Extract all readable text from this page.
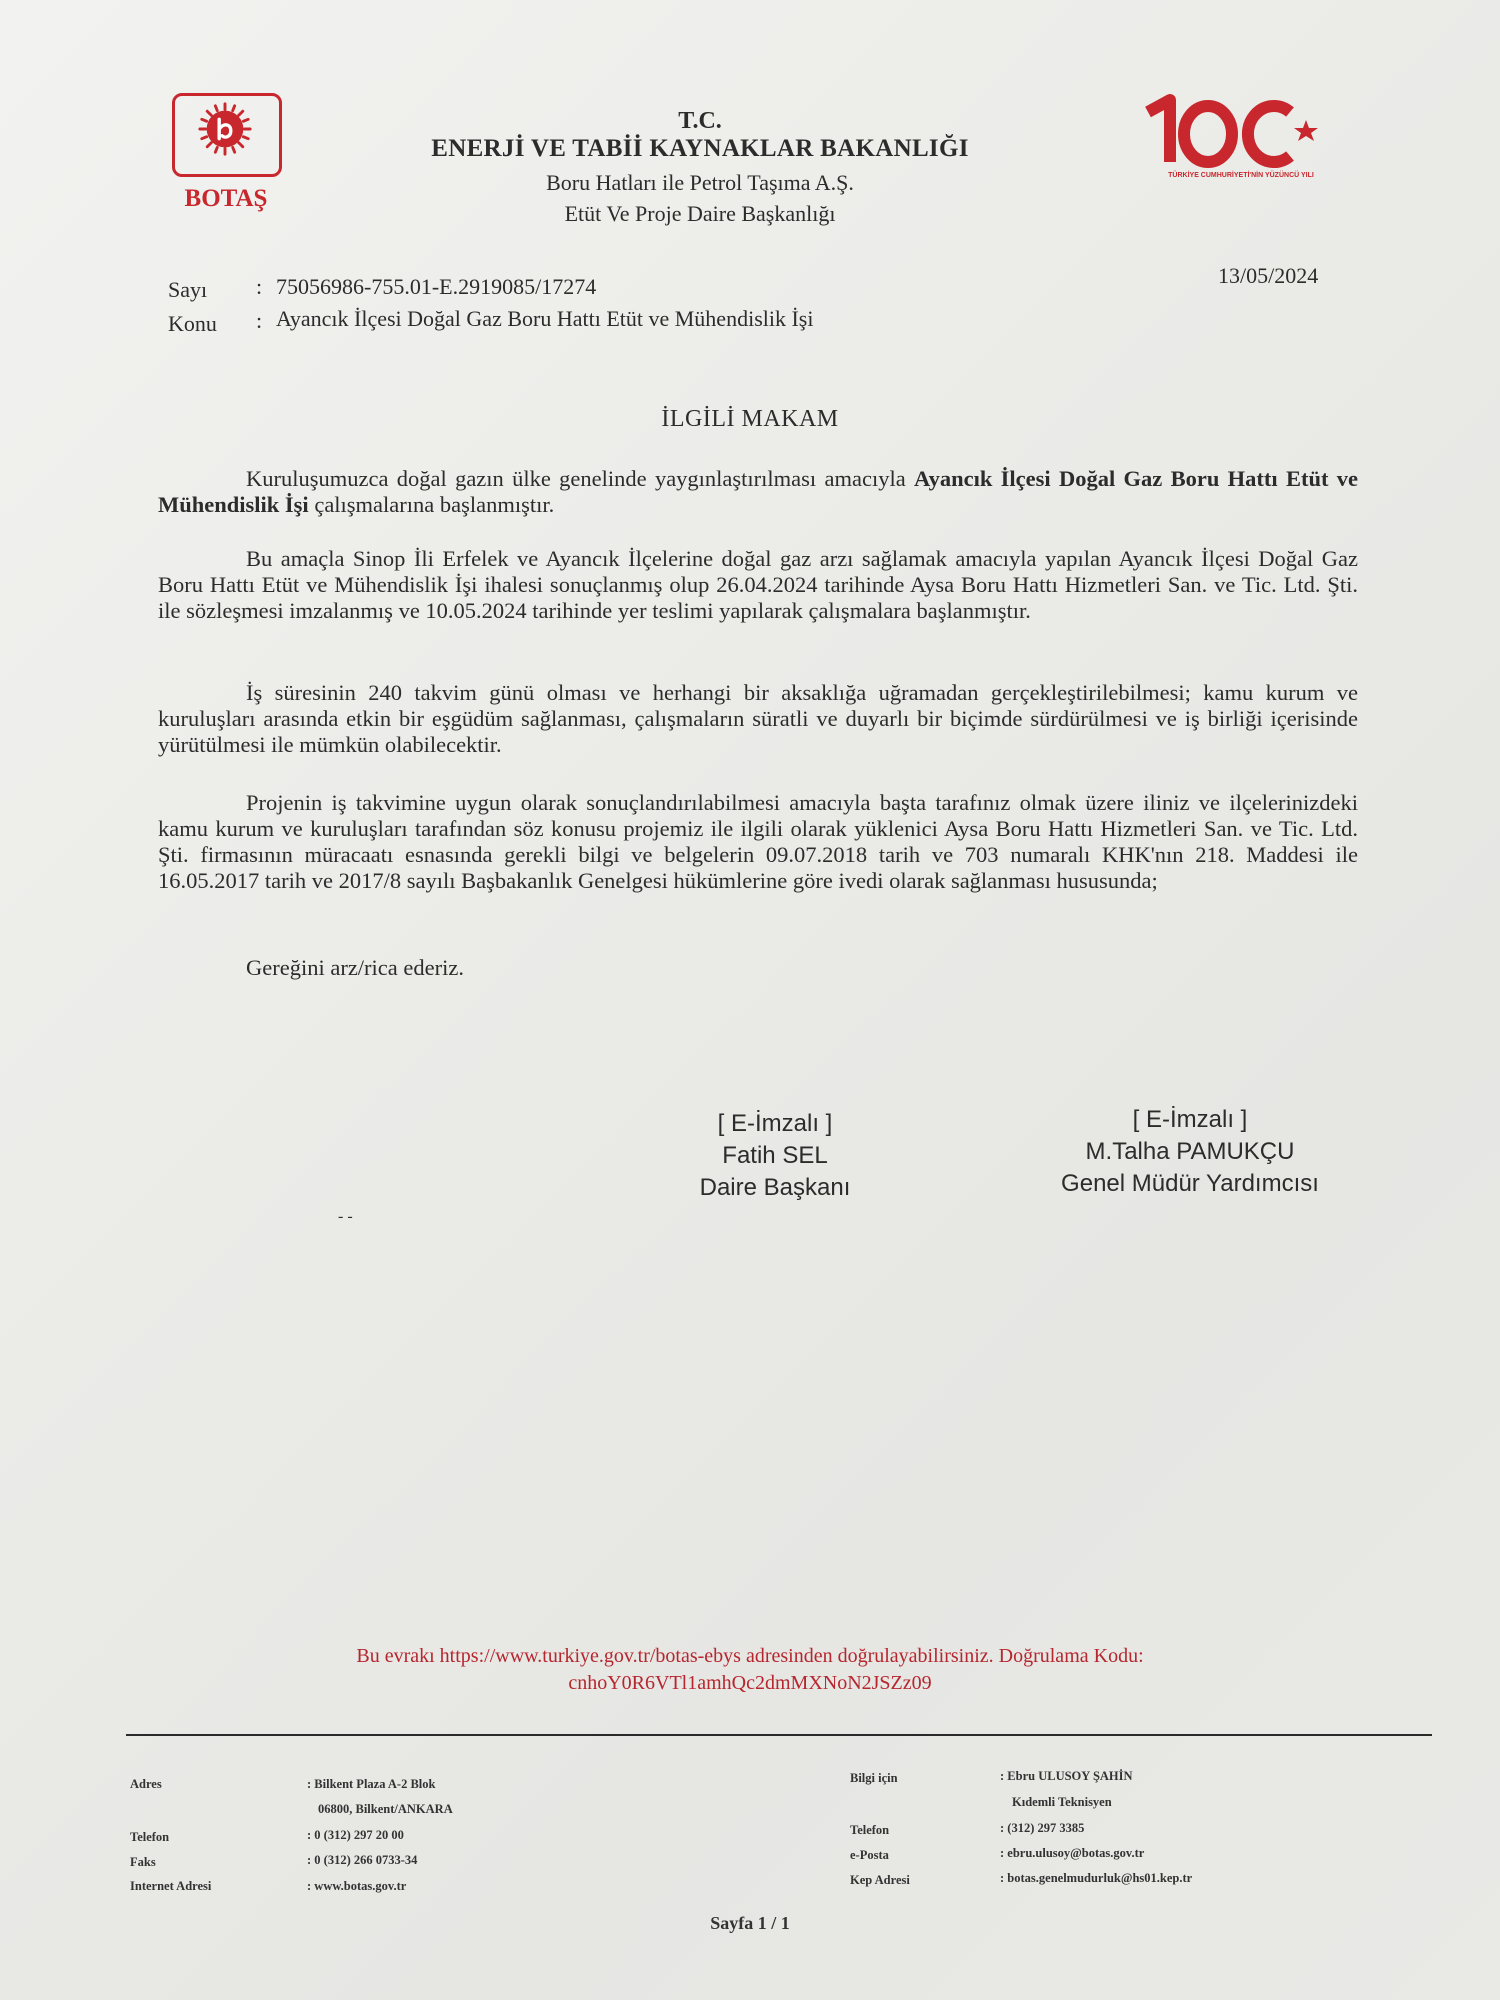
BOTAŞ
T.C.
ENERJİ VE TABİİ KAYNAKLAR BAKANLIĞI
Boru Hatları ile Petrol Taşıma A.Ş.
Etüt Ve Proje Daire Başkanlığı
TÜRKİYE CUMHURİYETİ'NİN YÜZÜNCÜ YILI
Sayı : 75056986-755.01-E.2919085/17274
Konu : Ayancık İlçesi Doğal Gaz Boru Hattı Etüt ve Mühendislik İşi
13/05/2024
İLGİLİ MAKAM

Kuruluşumuzca doğal gazın ülke genelinde yaygınlaştırılması amacıyla Ayancık İlçesi Doğal Gaz Boru Hattı Etüt ve Mühendislik İşi çalışmalarına başlanmıştır.

Bu amaçla Sinop İli Erfelek ve Ayancık İlçelerine doğal gaz arzı sağlamak amacıyla yapılan Ayancık İlçesi Doğal Gaz Boru Hattı Etüt ve Mühendislik İşi ihalesi sonuçlanmış olup 26.04.2024 tarihinde Aysa Boru Hattı Hizmetleri San. ve Tic. Ltd. Şti. ile sözleşmesi imzalanmış ve 10.05.2024 tarihinde yer teslimi yapılarak çalışmalara başlanmıştır.

İş süresinin 240 takvim günü olması ve herhangi bir aksaklığa uğramadan gerçekleştirilebilmesi; kamu kurum ve kuruluşları arasında etkin bir eşgüdüm sağlanması, çalışmaların süratli ve duyarlı bir biçimde sürdürülmesi ve iş birliği içerisinde yürütülmesi ile mümkün olabilecektir.

Projenin iş takvimine uygun olarak sonuçlandırılabilmesi amacıyla başta tarafınız olmak üzere iliniz ve ilçelerinizdeki kamu kurum ve kuruluşları tarafından söz konusu projemiz ile ilgili olarak yüklenici Aysa Boru Hattı Hizmetleri San. ve Tic. Ltd. Şti. firmasının müracaatı esnasında gerekli bilgi ve belgelerin 09.07.2018 tarih ve 703 numaralı KHK'nın 218. Maddesi ile 16.05.2017 tarih ve 2017/8 sayılı Başbakanlık Genelgesi hükümlerine göre ivedi olarak sağlanması hususunda;

Gereğini arz/rica ederiz.
[ E-İmzalı ]
Fatih SEL
Daire Başkanı
[ E-İmzalı ]
M.Talha PAMUKÇU
Genel Müdür Yardımcısı
- -
Bu evrakı https://www.turkiye.gov.tr/botas-ebys adresinden doğrulayabilirsiniz. Doğrulama Kodu:
cnhoY0R6VTl1amhQc2dmMXNoN2JSZz09
Adres	: Bilkent Plaza A-2 Blok
06800, Bilkent/ANKARA
Telefon	: 0 (312) 297 20 00
Faks	: 0 (312) 266 0733-34
Internet Adresi	: www.botas.gov.tr
Bilgi için	: Ebru ULUSOY ŞAHİN
Kıdemli Teknisyen
Telefon	: (312) 297 3385
e-Posta	: ebru.ulusoy@botas.gov.tr
Kep Adresi	: botas.genelmudurluk@hs01.kep.tr
Sayfa 1 / 1
